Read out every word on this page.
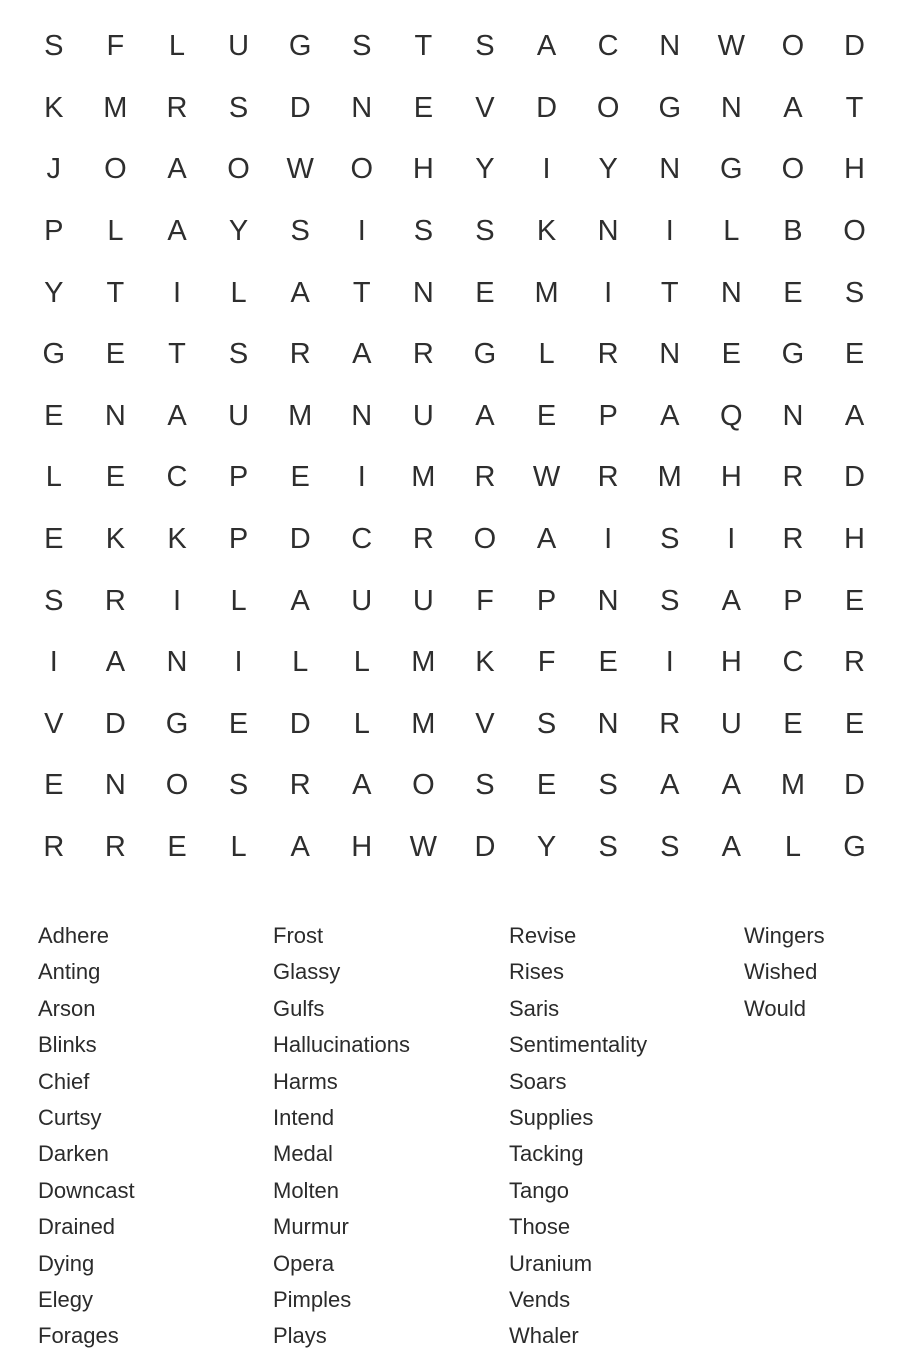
S	F	L	U	G	S	T	S	A	C	N	W	O	D
K	M	R	S	D	N	E	V	D	O	G	N	A	T
J	O	A	O	W	O	H	Y	I	Y	N	G	O	H
P	L	A	Y	S	I	S	S	K	N	I	L	B	O
Y	T	I	L	A	T	N	E	M	I	T	N	E	S
G	E	T	S	R	A	R	G	L	R	N	E	G	E
E	N	A	U	M	N	U	A	E	P	A	Q	N	A
L	E	C	P	E	I	M	R	W	R	M	H	R	D
E	K	K	P	D	C	R	O	A	I	S	I	R	H
S	R	I	L	A	U	U	F	P	N	S	A	P	E
I	A	N	I	L	L	M	K	F	E	I	H	C	R
V	D	G	E	D	L	M	V	S	N	R	U	E	E
E	N	O	S	R	A	O	S	E	S	A	A	M	D
R	R	E	L	A	H	W	D	Y	S	S	A	L	G
Adhere
Anting
Arson
Blinks
Chief
Curtsy
Darken
Downcast
Drained
Dying
Elegy
Forages
Frost
Glassy
Gulfs
Hallucinations
Harms
Intend
Medal
Molten
Murmur
Opera
Pimples
Plays
Revise
Rises
Saris
Sentimentality
Soars
Supplies
Tacking
Tango
Those
Uranium
Vends
Whaler
Wingers
Wished
Would
